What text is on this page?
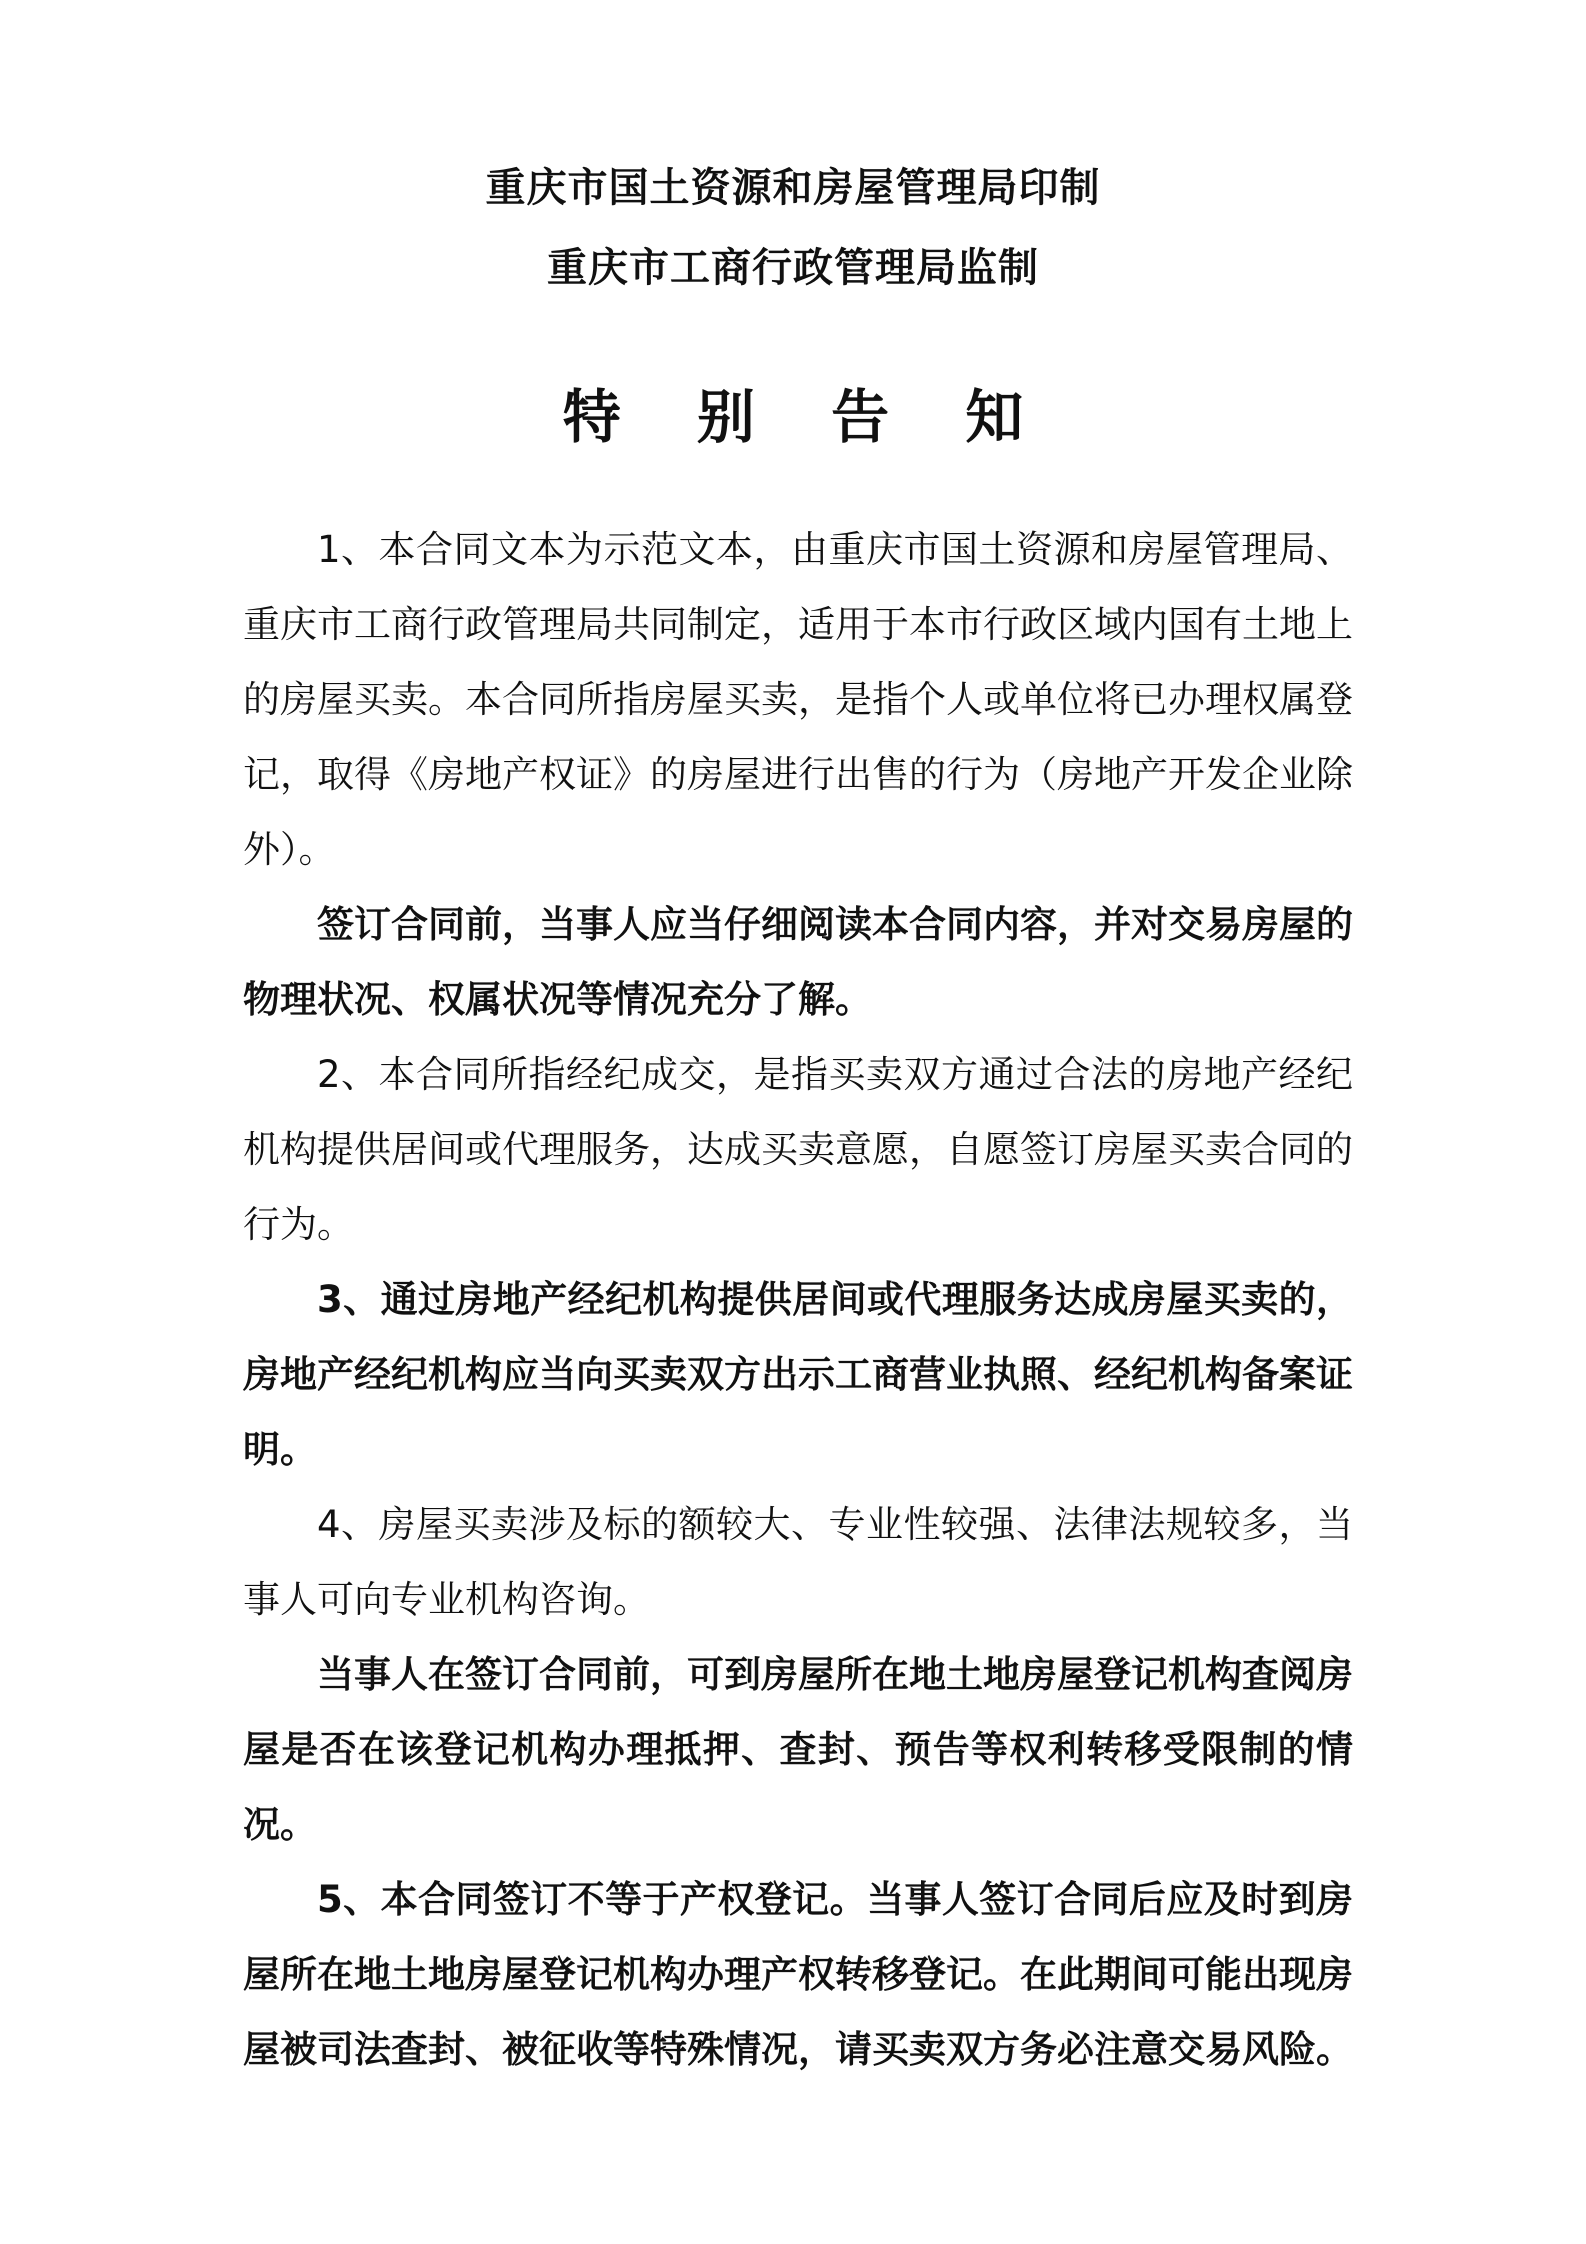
重庆市国土资源和房屋管理局印制
重庆市工商行政管理局监制
特 别 告 知

1、本合同文本为示范文本，由重庆市国土资源和房屋管理局、重庆市工商行政管理局共同制定，适用于本市行政区域内国有土地上的房屋买卖。本合同所指房屋买卖，是指个人或单位将已办理权属登记，取得《房地产权证》的房屋进行出售的行为（房地产开发企业除外）。

签订合同前，当事人应当仔细阅读本合同内容，并对交易房屋的物理状况、权属状况等情况充分了解。

2、本合同所指经纪成交，是指买卖双方通过合法的房地产经纪机构提供居间或代理服务，达成买卖意愿，自愿签订房屋买卖合同的行为。

3、通过房地产经纪机构提供居间或代理服务达成房屋买卖的，房地产经纪机构应当向买卖双方出示工商营业执照、经纪机构备案证明。

4、房屋买卖涉及标的额较大、专业性较强、法律法规较多，当事人可向专业机构咨询。

当事人在签订合同前，可到房屋所在地土地房屋登记机构查阅房屋是否在该登记机构办理抵押、查封、预告等权利转移受限制的情况。

5、本合同签订不等于产权登记。当事人签订合同后应及时到房屋所在地土地房屋登记机构办理产权转移登记。在此期间可能出现房屋被司法查封、被征收等特殊情况，请买卖双方务必注意交易风险。
